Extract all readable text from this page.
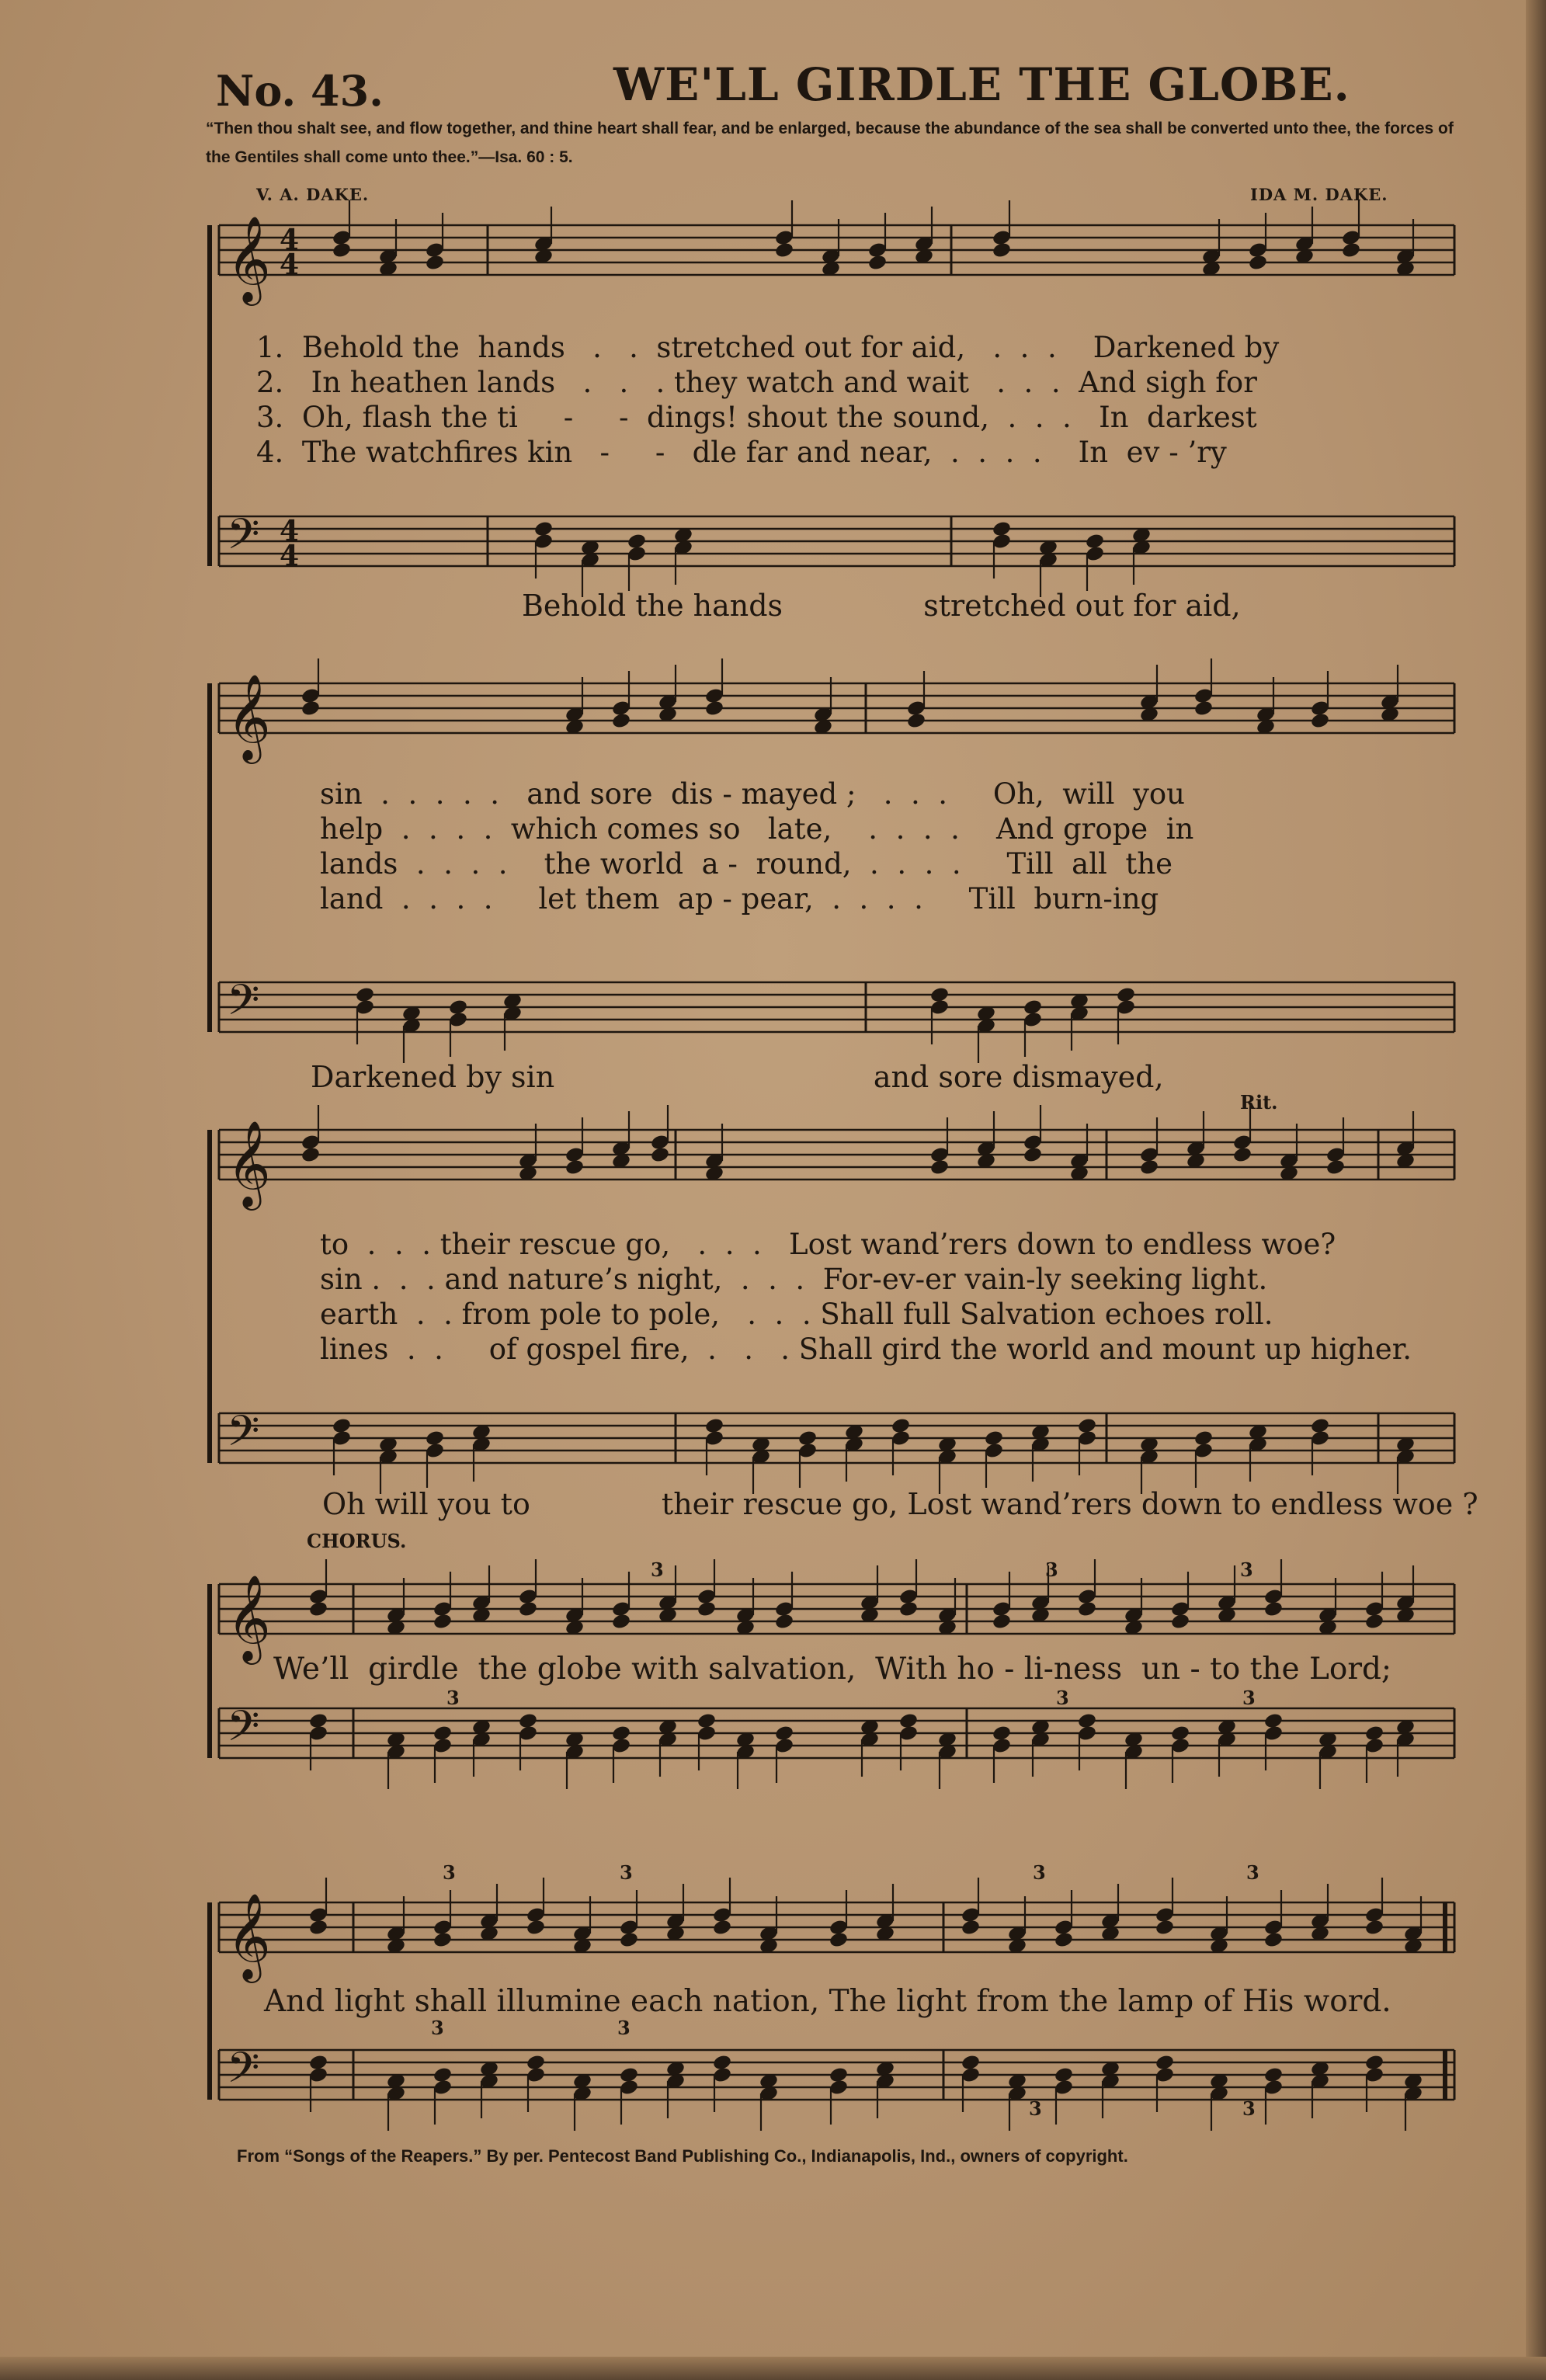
No. 43.	WE'LL GIRDLE THE GLOBE.
“Then thou shalt see, and flow together, and thine heart shall fear, and be enlarged, because the abundance of the sea shall be converted unto thee, the forces of the Gentiles shall come unto thee.”—Isa. 60 : 5.
V. A. DAKE.	IDA M. DAKE.
𝄞 4
4
𝄢 4
4
𝄞
𝄢
𝄞
𝄢
𝄞
𝄢
3	3	3
3	3	3
𝄞
𝄢
3	3	3	3
3	3
3	3
1.  Behold the  hands   .   .  stretched out for aid,   .  .  .    Darkened by
2.   In heathen lands   .   .   . they watch and wait   .  .  .  And sigh for
3.  Oh, flash the ti     -     -  dings! shout the sound,  .  .  .   In  darkest
4.  The watchfires kin   -     -   dle far and near,  .  .  .  .    In  ev - ’ry
Behold the hands               stretched out for aid,
sin  .  .  .  .  .   and sore  dis - mayed ;   .  .  .     Oh,  will  you
help  .  .  .  .  which comes so   late,    .  .  .  .    And grope  in
lands  .  .  .  .    the world  a -  round,  .  .  .  .     Till  all  the
land  .  .  .  .     let them  ap - pear,  .  .  .  .     Till  burn-ing
Darkened by sin                                  and sore dismayed,
Rit.
to  .  .  . their rescue go,   .  .  .   Lost wand’rers down to endless woe?
sin .  .  . and nature’s night,  .  .  .  For-ev-er vain-ly seeking light.
earth  .  . from pole to pole,   .  .  . Shall full Salvation echoes roll.
lines  .  .     of gospel fire,  .   .   . Shall gird the world and mount up higher.
Oh will you to              their rescue go, Lost wand’rers down to endless woe ?
CHORUS.
We’ll  girdle  the globe with salvation,  With ho - li-ness  un - to the Lord;
And light shall illumine each nation, The light from the lamp of His word.
From “Songs of the Reapers.” By per. Pentecost Band Publishing Co., Indianapolis, Ind., owners of copyright.
